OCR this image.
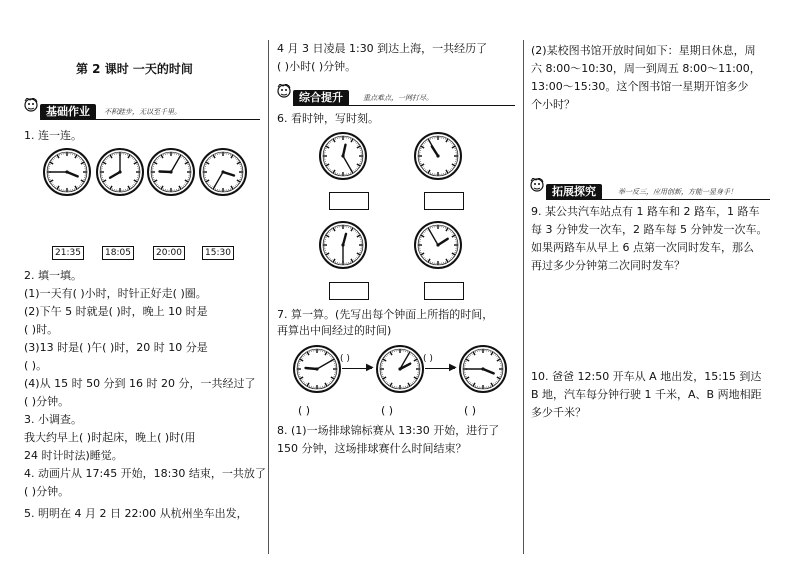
第 2 课时 一天的时间
基础作业	不积跬步，无以至千里。
1. 连一连。
21:35	18:05	20:00	15:30
2. 填一填。
(1)一天有( )小时，时针正好走( )圈。
(2)下午 5 时就是( )时，晚上 10 时是
( )时。
(3)13 时是( )午( )时，20 时 10 分是
( )。
(4)从 15 时 50 分到 16 时 20 分，一共经过了
( )分钟。
3. 小调查。
我大约早上( )时起床，晚上( )时(用
24 时计时法)睡觉。
4. 动画片从 17:45 开始，18:30 结束，一共放了
( )分钟。
5. 明明在 4 月 2 日 22:00 从杭州坐车出发，
4 月 3 日凌晨 1:30 到达上海，一共经历了
( )小时( )分钟。
综合提升	重点难点，一网打尽。
6. 看时钟，写时刻。
7. 算一算。(先写出每个钟面上所指的时间，
再算出中间经过的时间)
▶	▶
( )	( )
( )	( )	( )
8. (1)一场排球锦标赛从 13:30 开始，进行了
150 分钟，这场排球赛什么时间结束？
(2)某校图书馆开放时间如下：星期日休息，周
六 8:00～10:30，周一到周五 8:00～11:00，
13:00～15:30。这个图书馆一星期开馆多少
个小时？
拓展探究	举一反三，应用创新，方能一显身手！
9. 某公共汽车站点有 1 路车和 2 路车，1 路车
每 3 分钟发一次车，2 路车每 5 分钟发一次车。
如果两路车从早上 6 点第一次同时发车，那么
再过多少分钟第二次同时发车？
10. 爸爸 12:50 开车从 A 地出发，15:15 到达
B 地，汽车每分钟行驶 1 千米，A、B 两地相距
多少千米？
